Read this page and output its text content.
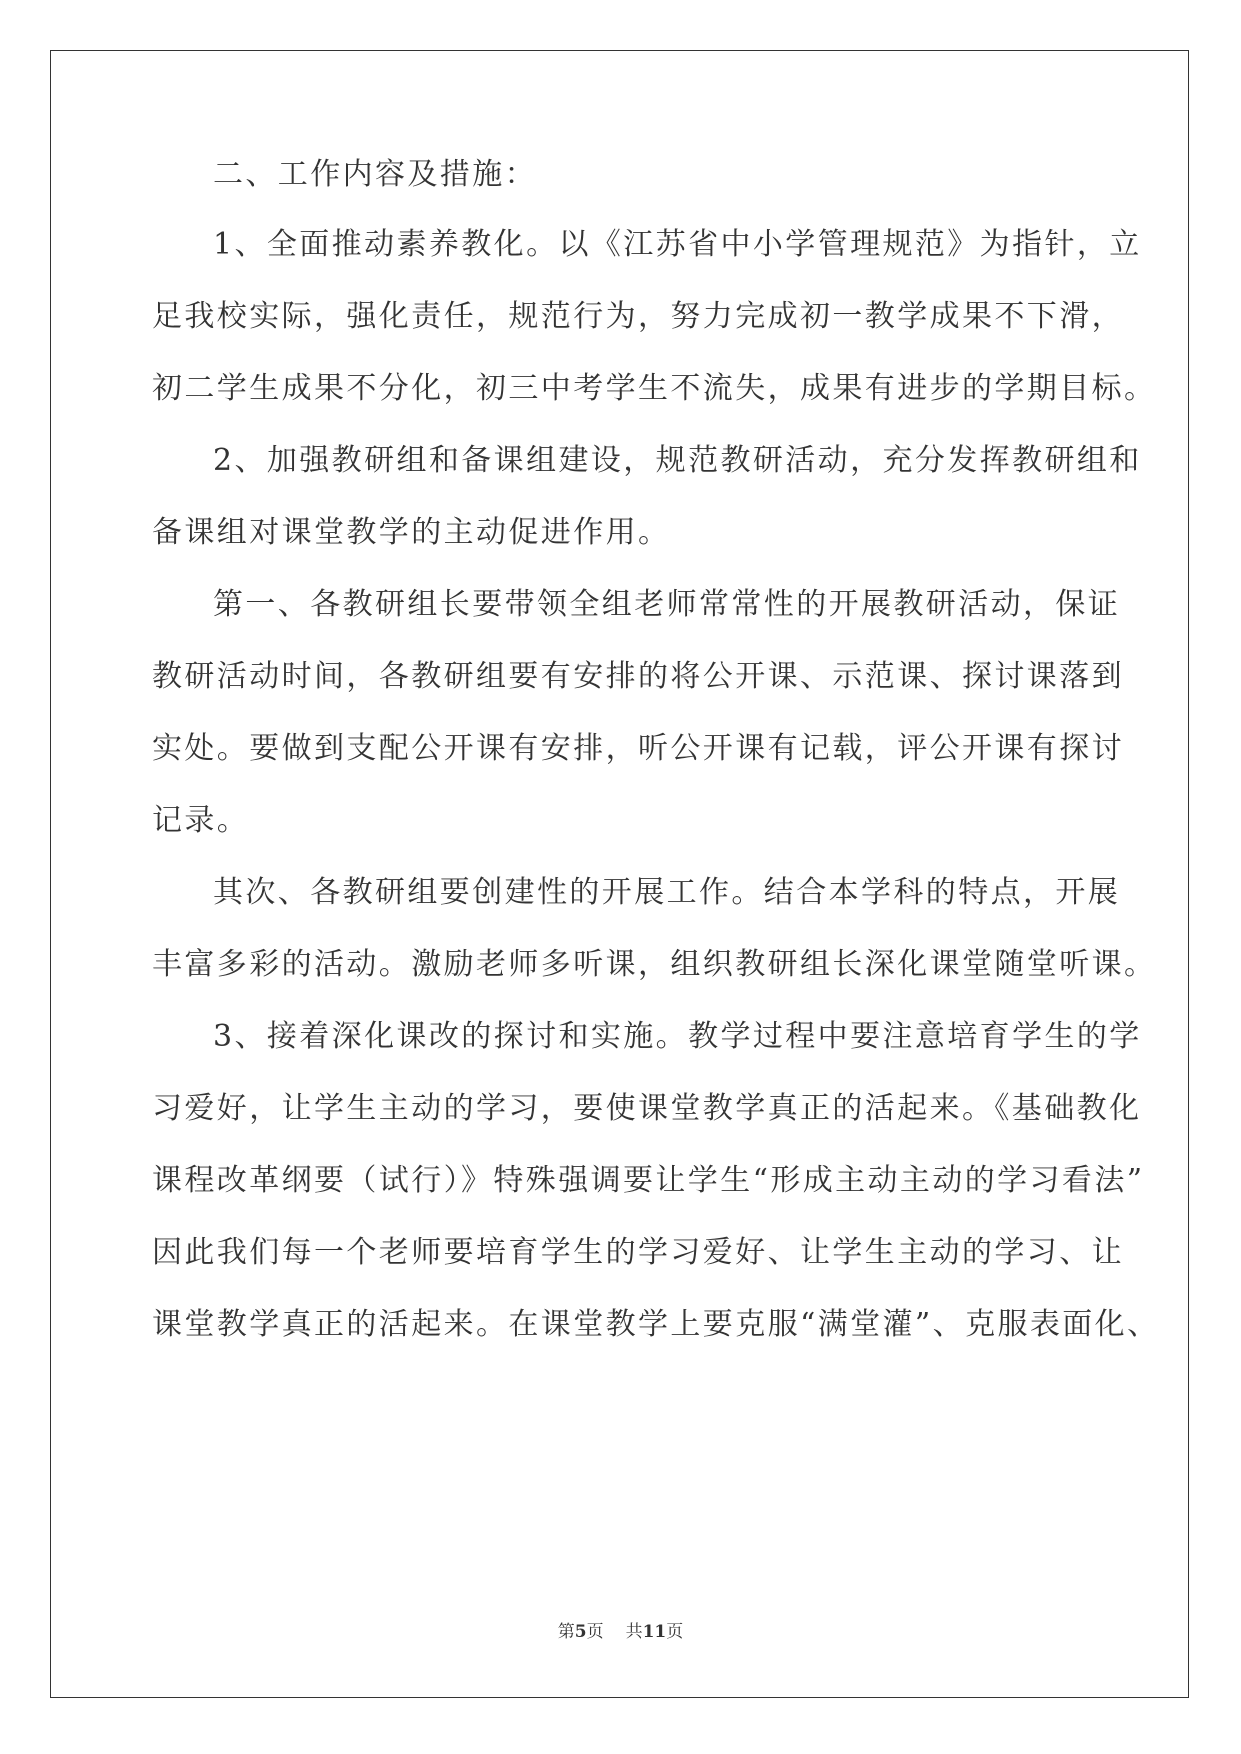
二、工作内容及措施：
1、全面推动素养教化。以《江苏省中小学管理规范》为指针，立
足我校实际，强化责任，规范行为，努力完成初一教学成果不下滑，
初二学生成果不分化，初三中考学生不流失，成果有进步的学期目标。
2、加强教研组和备课组建设，规范教研活动，充分发挥教研组和
备课组对课堂教学的主动促进作用。
第一、各教研组长要带领全组老师常常性的开展教研活动，保证
教研活动时间，各教研组要有安排的将公开课、示范课、探讨课落到
实处。要做到支配公开课有安排，听公开课有记载，评公开课有探讨
记录。
其次、各教研组要创建性的开展工作。结合本学科的特点，开展
丰富多彩的活动。激励老师多听课，组织教研组长深化课堂随堂听课。
3、接着深化课改的探讨和实施。教学过程中要注意培育学生的学
习爱好，让学生主动的学习，要使课堂教学真正的活起来。《基础教化
课程改革纲要（试行）》特殊强调要让学生“形成主动主动的学习看法”
因此我们每一个老师要培育学生的学习爱好、让学生主动的学习、让
课堂教学真正的活起来。在课堂教学上要克服“满堂灌”、克服表面化、
第5页 共11页
